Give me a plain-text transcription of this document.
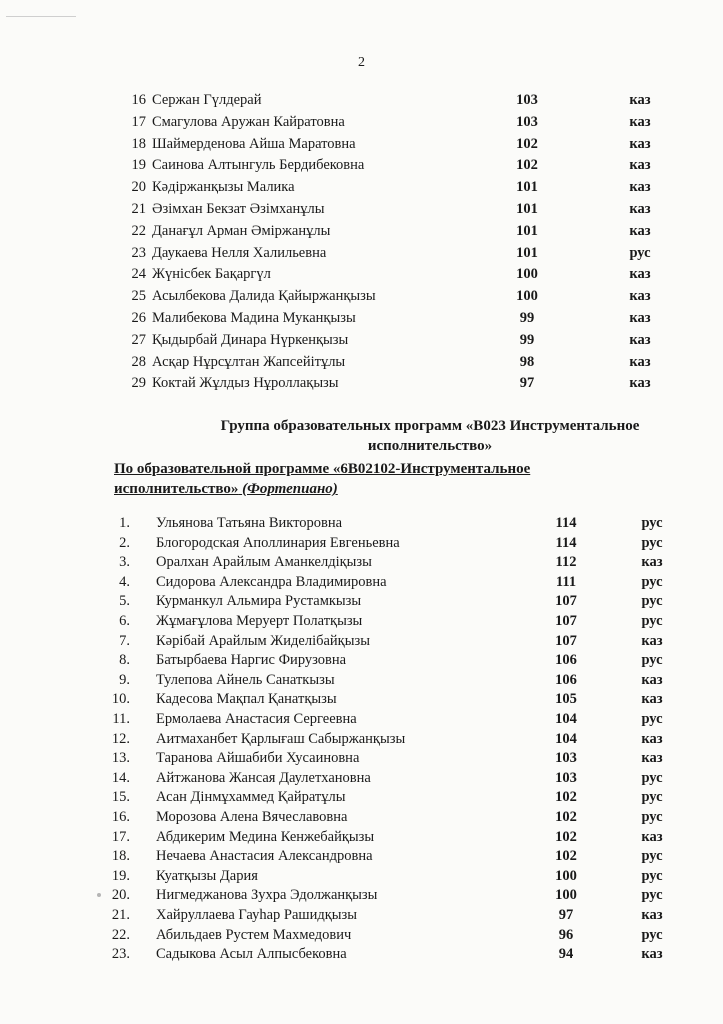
2
16 Сержан Гүлдерай	103	каз
17 Смагулова Аружан Кайратовна	103	каз
18 Шаймерденова Айша Маратовна	102	каз
19 Саинова Алтынгуль Бердибековна	102	каз
20 Кәдіржанқызы Малика	101	каз
21 Әзімхан Бекзат Әзімханұлы	101	каз
22 Данағұл Арман Әміржанұлы	101	каз
23 Даукаева Нелля Халильевна	101	рус
24 Жүнісбек Бақаргүл	100	каз
25 Асылбекова Далида Қайыржанқызы	100	каз
26 Малибекова Мадина Муканқызы	99	каз
27 Қыдырбай Динара Нүркенқызы	99	каз
28 Асқар Нұрсұлтан Жапсейітұлы	98	каз
29 Коктай Жұлдыз Нұроллақызы	97	каз
Группа образовательных программ «В023 Инструментальное
исполнительство»
По образовательной программе «6В02102-Инструментальное
исполнительство» (Фортепиано)
1. Ульянова Татьяна Викторовна	114	рус
2. Блогородская Аполлинария Евгеньевна	114	рус
3. Оралхан Арайлым Аманкелдіқызы	112	каз
4. Сидорова Александра Владимировна	111	рус
5. Курманкул Альмира Рустамкызы	107	рус
6. Жұмағұлова Меруерт Полатқызы	107	рус
7. Кәрібай Арайлым Жиделібайқызы	107	каз
8. Батырбаева Наргис Фирузовна	106	рус
9. Тулепова Айнель Санаткызы	106	каз
10. Кадесова Мақпал Қанатқызы	105	каз
11. Ермолаева Анастасия Сергеевна	104	рус
12. Аитмаханбет Қарлығаш Сабыржанқызы	104	каз
13. Таранова Айшабиби Хусаиновна	103	каз
14. Айтжанова Жансая Даулетхановна	103	рус
15. Асан Дінмұхаммед Қайратұлы	102	рус
16. Морозова Алена Вячеславовна	102	рус
17. Абдикерим Медина Кенжебайқызы	102	каз
18. Нечаева Анастасия Александровна	102	рус
19. Куатқызы Дария	100	рус
20. Нигмеджанова Зухра Эдолжанқызы	100	рус
21. Хайруллаева Гауһар Рашидқызы	97	каз
22. Абильдаев Рустем Махмедович	96	рус
23. Садыкова Асыл Алпысбековна	94	каз
